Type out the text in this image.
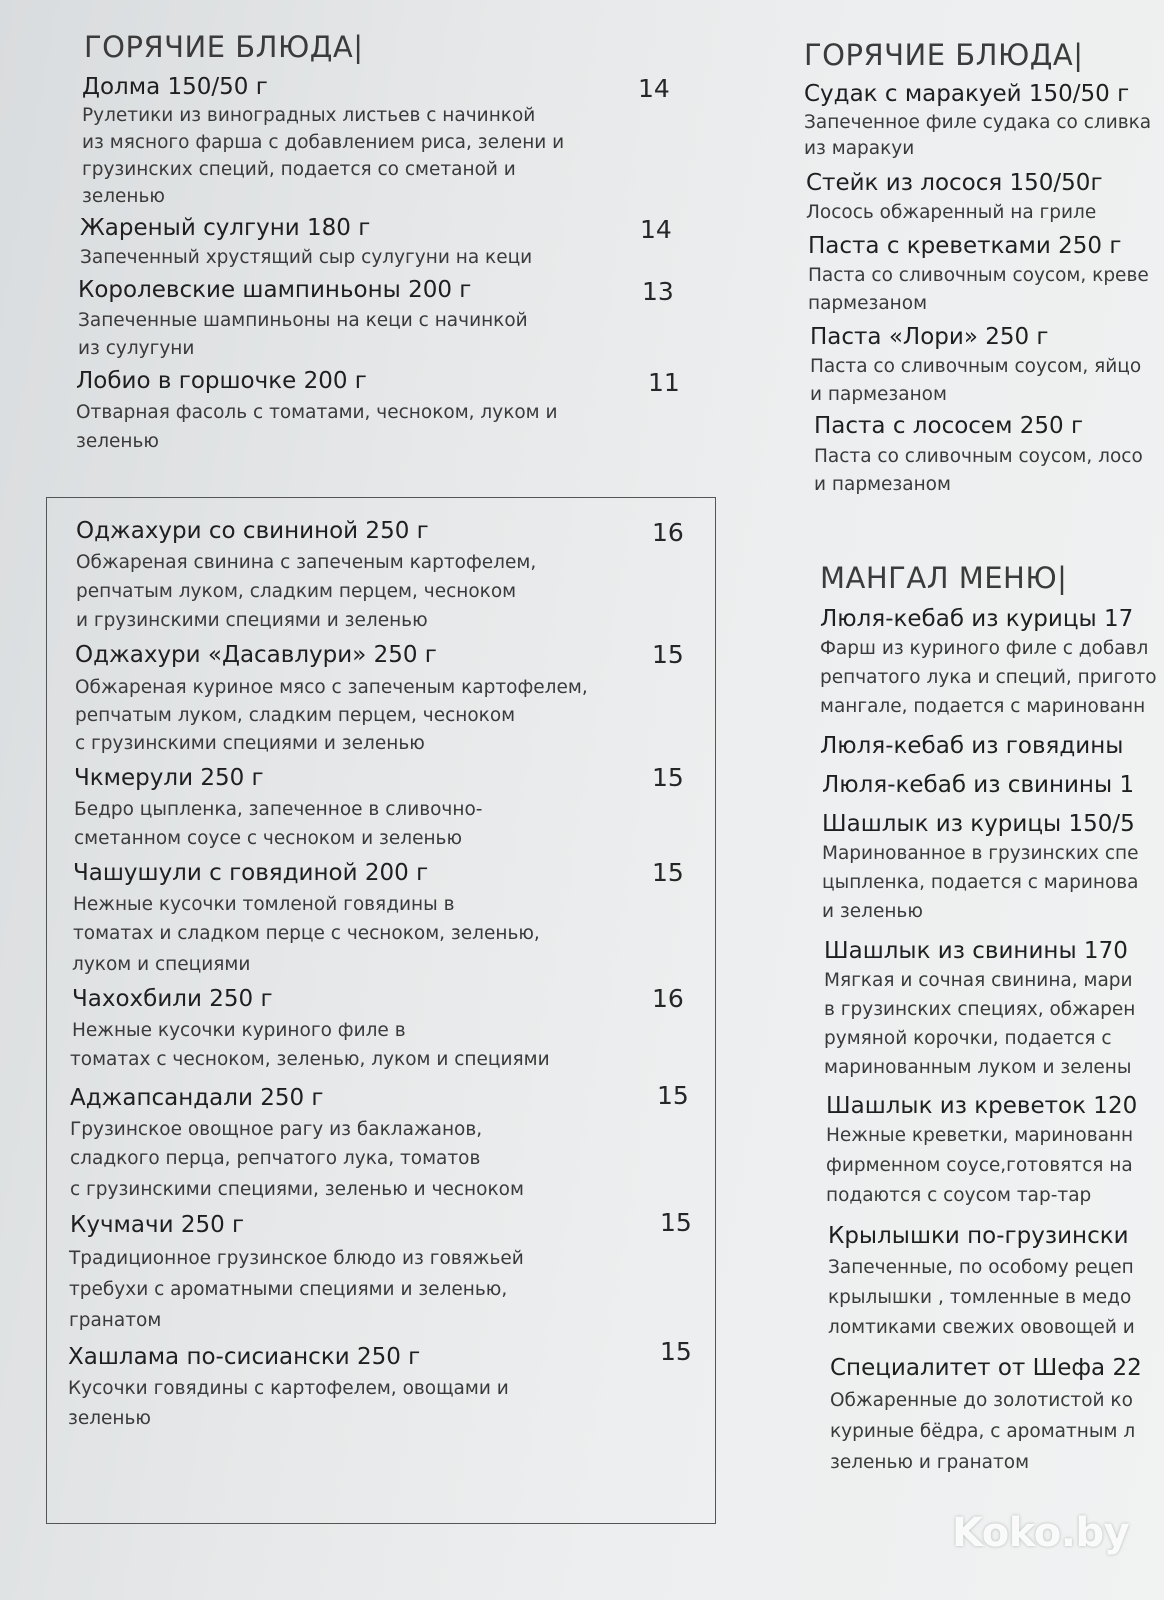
ГОРЯЧИЕ БЛЮДА|
Долма 150/50 г	14
Рулетики из виноградных листьев с начинкой
из мясного фарша с добавлением риса, зелени и
грузинских специй, подается со сметаной и
зеленью
Жареный сулгуни 180 г	14
Запеченный хрустящий сыр сулугуни на кеци
Королевские шампиньоны 200 г	13
Запеченные шампиньоны на кеци с начинкой
из сулугуни
Лобио в горшочке 200 г	11
Отварная фасоль с томатами, чесноком, луком и
зеленью
Оджахури со свининой 250 г	16
Обжареная свинина с запеченым картофелем,
репчатым луком, сладким перцем, чесноком
и грузинскими специями и зеленью
Оджахури «Дасавлури» 250 г	15
Обжареная куриное мясо с запеченым картофелем,
репчатым луком, сладким перцем, чесноком
с грузинскими специями и зеленью
Чкмерули 250 г	15
Бедро цыпленка, запеченное в сливочно-
сметанном соусе с чесноком и зеленью
Чашушули с говядиной 200 г	15
Нежные кусочки томленой говядины в
томатах и сладком перце с чесноком, зеленью,
луком и специями
Чахохбили 250 г	16
Нежные кусочки куриного филе в
томатах с чесноком, зеленью, луком и специями
Аджапсандали 250 г	15
Грузинское овощное рагу из баклажанов,
сладкого перца, репчатого лука, томатов
с грузинскими специями, зеленью и чесноком
Кучмачи 250 г	15
Традиционное грузинское блюдо из говяжьей
требухи с ароматными специями и зеленью,
гранатом
Хашлама по-сисиански 250 г	15
Кусочки говядины с картофелем, овощами и
зеленью
ГОРЯЧИЕ БЛЮДА|
Судак с маракуей 150/50 г
Запеченное филе судака со сливка
из маракуи
Стейк из лосося 150/50г
Лосось обжаренный на гриле
Паста с креветками 250 г
Паста со сливочным соусом, креве
пармезаном
Паста «Лори» 250 г
Паста со сливочным соусом, яйцо
и пармезаном
Паста с лососем 250 г
Паста со сливочным соусом, лосо
и пармезаном
МАНГАЛ МЕНЮ|
Люля-кебаб из курицы 17
Фарш из куриного филе с добавл
репчатого лука и специй, пригото
мангале, подается с маринованн
Люля-кебаб из говядины
Люля-кебаб из свинины 1
Шашлык из курицы 150/5
Маринованное в грузинских спе
цыпленка, подается с маринова
и зеленью
Шашлык из свинины 170
Мягкая и сочная свинина, мари
в грузинских специях, обжарен
румяной корочки, подается с
маринованным луком и зелены
Шашлык из креветок 120
Нежные креветки, маринованн
фирменном соусе,готовятся на
подаются с соусом тар-тар
Крылышки по-грузински
Запеченные, по особому рецеп
крылышки , томленные в медо
ломтиками свежих ововощей и
Специалитет от Шефа 22
Обжаренные до золотистой ко
куриные бёдра, с ароматным л
зеленью и гранатом
Koko.by
